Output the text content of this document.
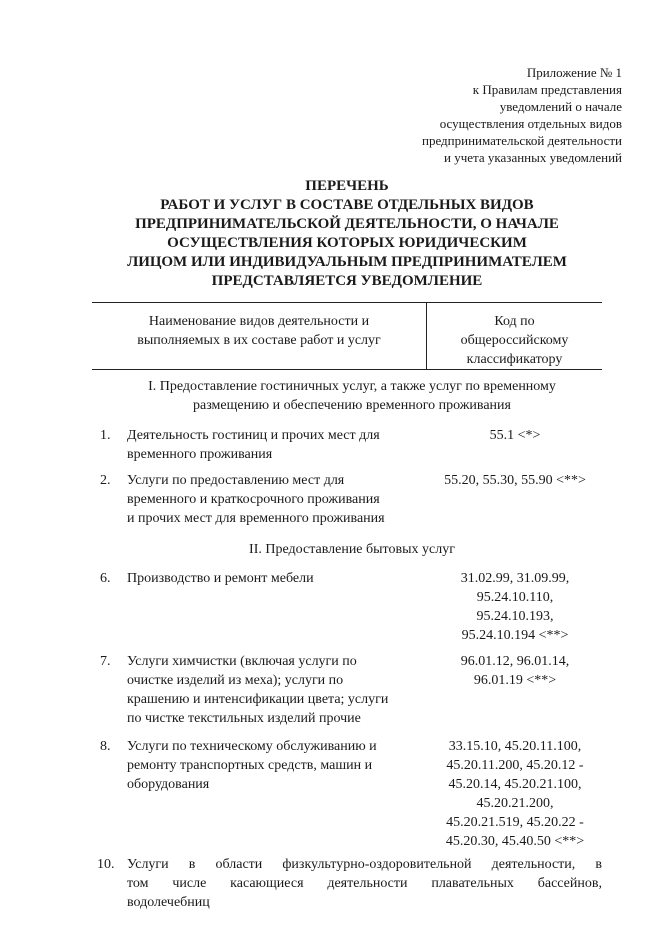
Приложение № 1
к Правилам представления
уведомлений о начале
осуществления отдельных видов
предпринимательской деятельности
и учета указанных уведомлений
ПЕРЕЧЕНЬ
РАБОТ И УСЛУГ В СОСТАВЕ ОТДЕЛЬНЫХ ВИДОВ
ПРЕДПРИНИМАТЕЛЬСКОЙ ДЕЯТЕЛЬНОСТИ, О НАЧАЛЕ
ОСУЩЕСТВЛЕНИЯ КОТОРЫХ ЮРИДИЧЕСКИМ
ЛИЦОМ ИЛИ ИНДИВИДУАЛЬНЫМ ПРЕДПРИНИМАТЕЛЕМ
ПРЕДСТАВЛЯЕТСЯ УВЕДОМЛЕНИЕ
Наименование видов деятельности и
выполняемых в их составе работ и услуг
Код по
общероссийскому
классификатору
I. Предоставление гостиничных услуг, а также услуг по временному
размещению и обеспечению временного проживания
1. Деятельность гостиниц и прочих мест для
временного проживания
55.1 <*>
2. Услуги по предоставлению мест для
временного и краткосрочного проживания
и прочих мест для временного проживания
55.20, 55.30, 55.90 <**>
II. Предоставление бытовых услуг
6. Производство и ремонт мебели	31.02.99, 31.09.99,
95.24.10.110,
95.24.10.193,
95.24.10.194 <**>
7. Услуги химчистки (включая услуги по
очистке изделий из меха); услуги по
крашению и интенсификации цвета; услуги
по чистке текстильных изделий прочие
96.01.12, 96.01.14,
96.01.19 <**>
8. Услуги по техническому обслуживанию и
ремонту транспортных средств, машин и
оборудования
33.15.10, 45.20.11.100,
45.20.11.200, 45.20.12 -
45.20.14, 45.20.21.100,
45.20.21.200,
45.20.21.519, 45.20.22 -
45.20.30, 45.40.50 <**>
10. Услуги в области физкультурно-оздоровительной деятельности, в
том числе касающиеся деятельности плавательных бассейнов,
водолечебниц
